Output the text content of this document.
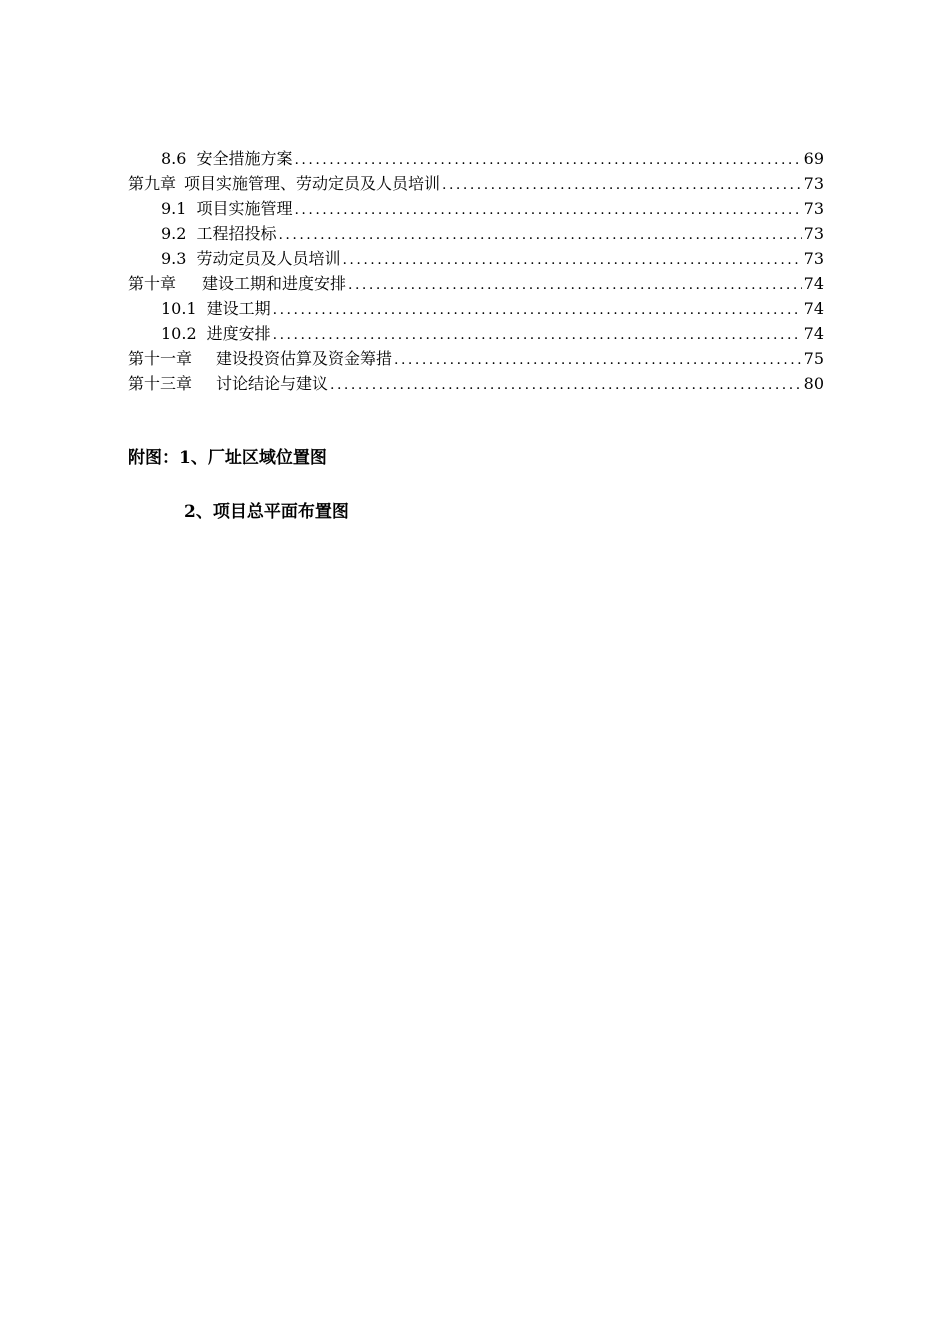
8.6 安全措施方案 .....	69
第九章 项目实施管理、劳动定员及人员培训 .....	73
9.1 项目实施管理 .....	73
9.2 工程招投标 .....	73
9.3 劳动定员及人员培训 .....	73
第十章 建设工期和进度安排 .....	74
10.1 建设工期 .....	74
10.2 进度安排 .....	74
第十一章 建设投资估算及资金筹措 .....	75
第十三章 讨论结论与建议 .....	80
附图：1、厂址区域位置图
2、项目总平面布置图
